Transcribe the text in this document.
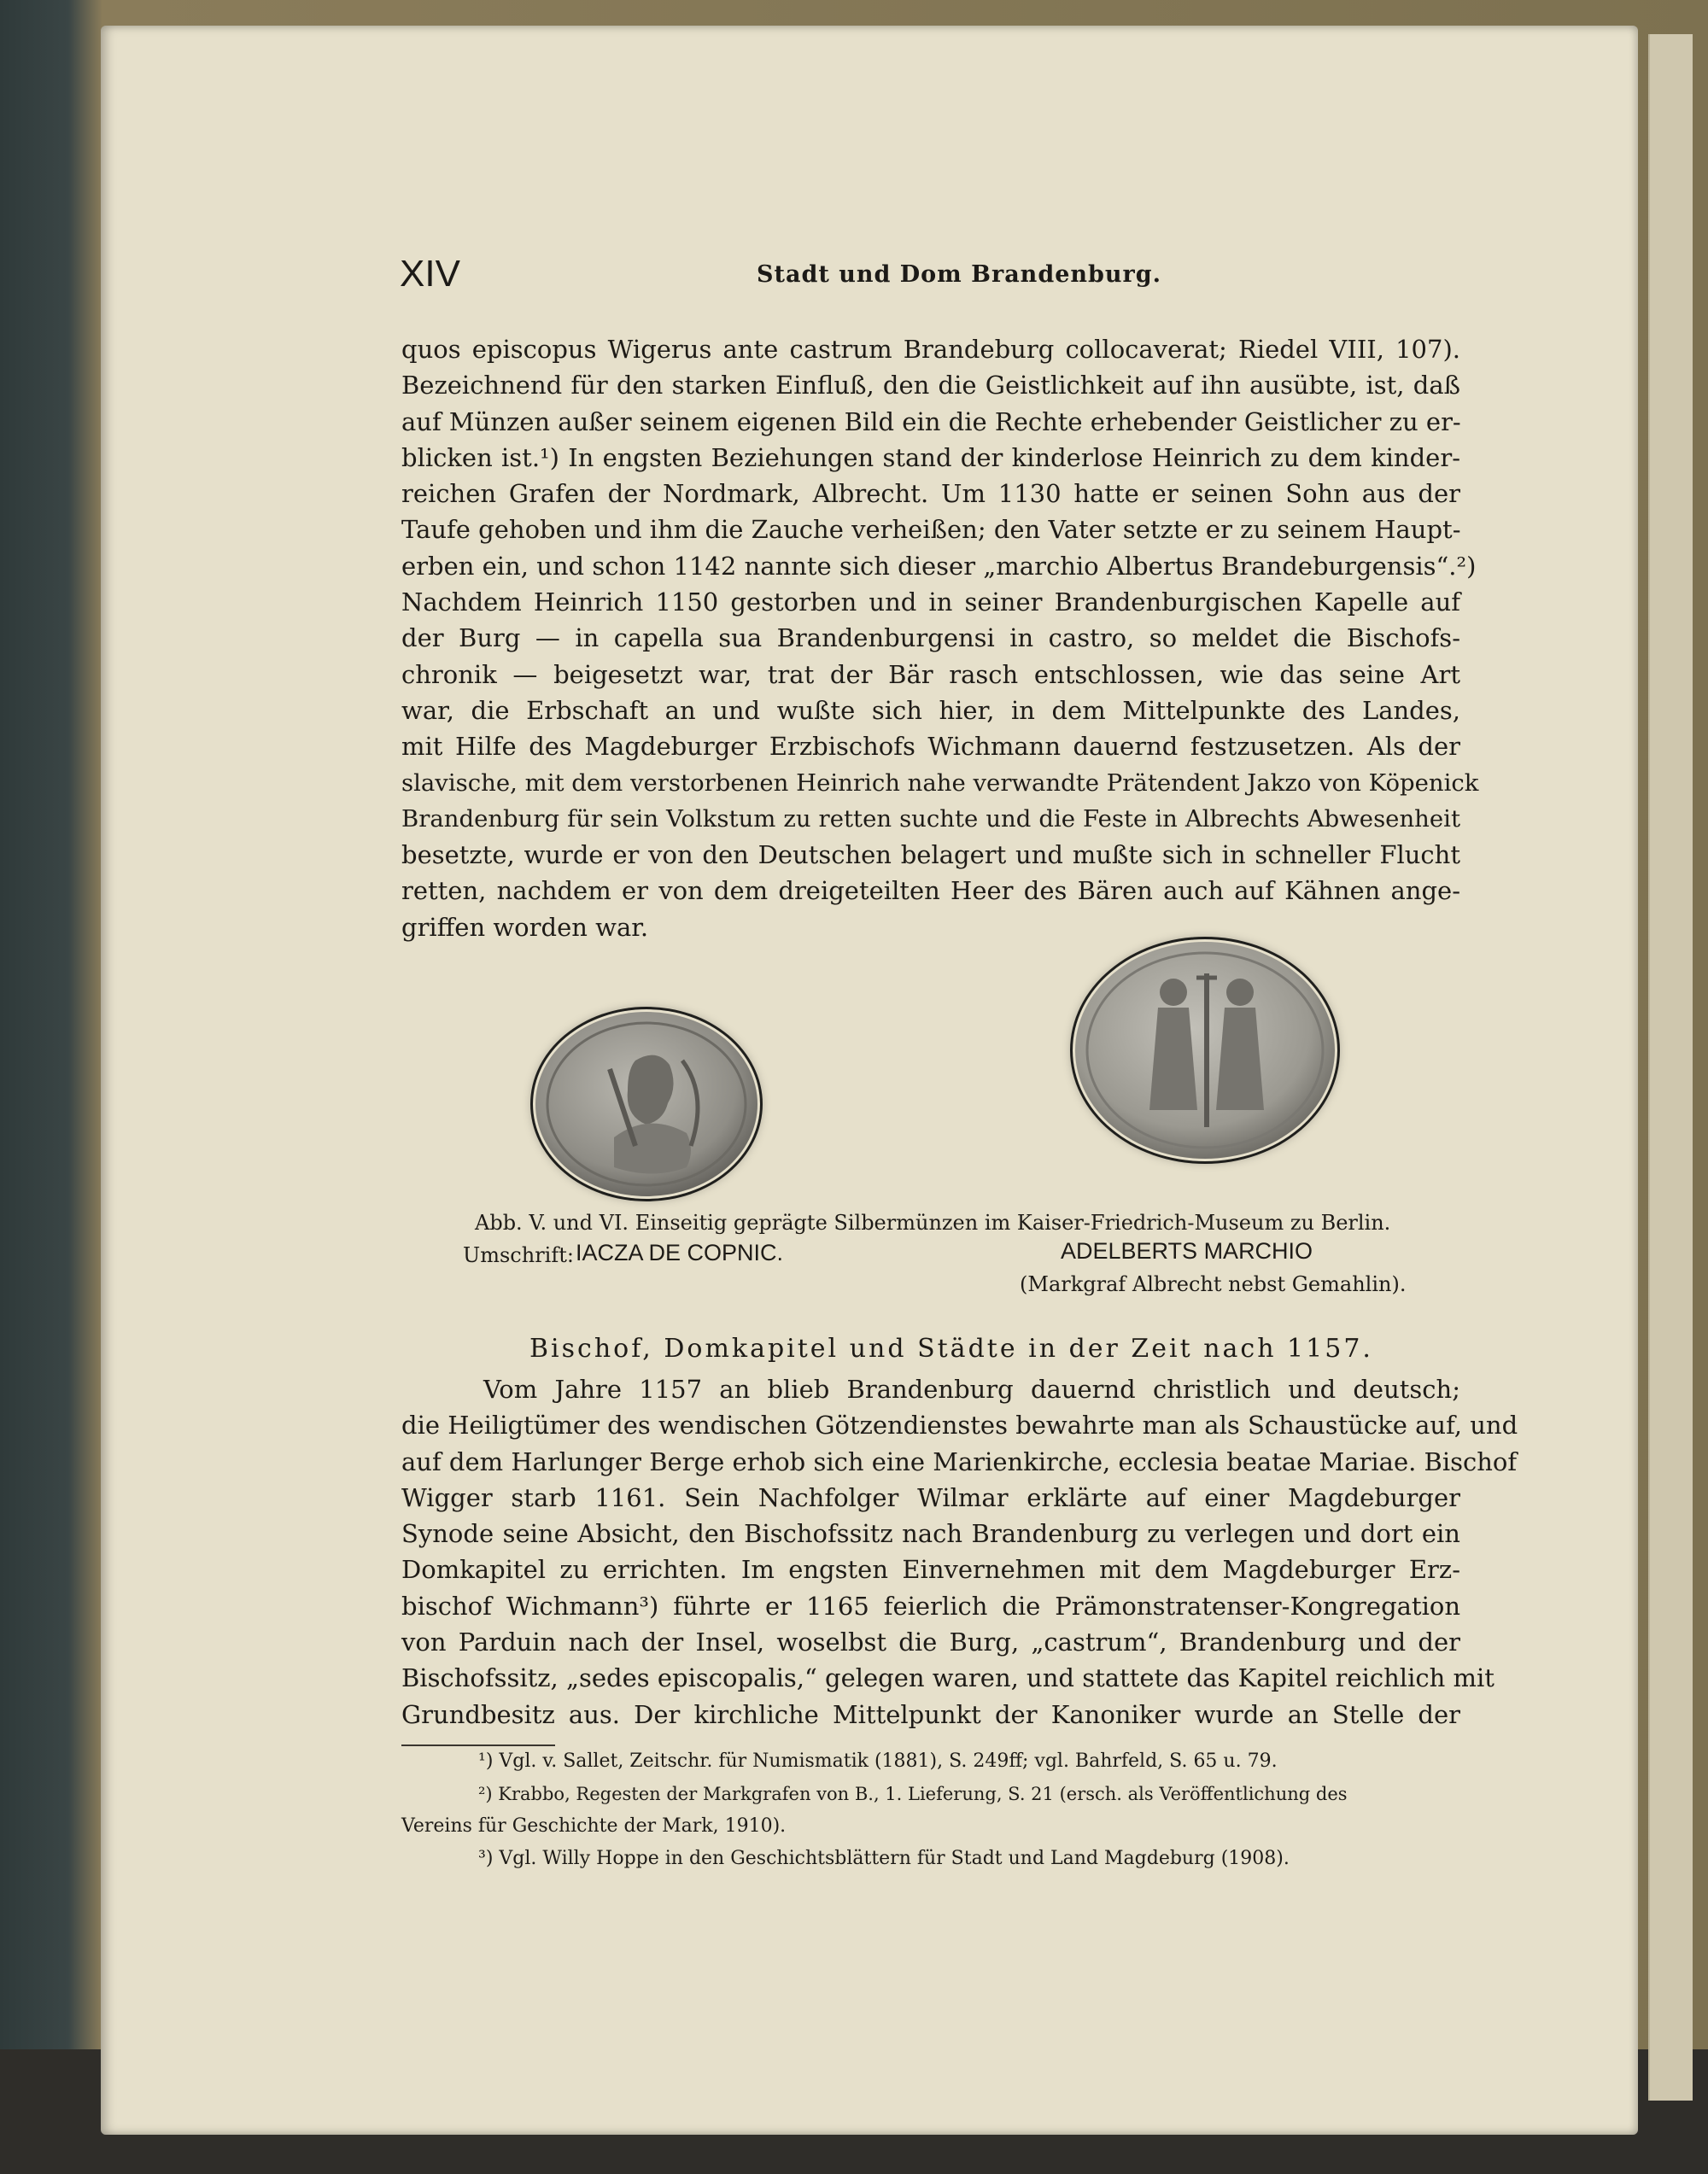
XIV	Stadt und Dom Brandenburg.
quos episcopus Wigerus ante castrum Brandeburg collocaverat; Riedel VIII, 107).
Bezeichnend für den starken Einfluß, den die Geistlichkeit auf ihn ausübte, ist, daß
auf Münzen außer seinem eigenen Bild ein die Rechte erhebender Geistlicher zu er-
blicken ist.¹) In engsten Beziehungen stand der kinderlose Heinrich zu dem kinder-
reichen Grafen der Nordmark, Albrecht. Um 1130 hatte er seinen Sohn aus der
Taufe gehoben und ihm die Zauche verheißen; den Vater setzte er zu seinem Haupt-
erben ein, und schon 1142 nannte sich dieser „marchio Albertus Brandeburgensis“.²)
Nachdem Heinrich 1150 gestorben und in seiner Brandenburgischen Kapelle auf
der Burg — in capella sua Brandenburgensi in castro, so meldet die Bischofs-
chronik — beigesetzt war, trat der Bär rasch entschlossen, wie das seine Art
war, die Erbschaft an und wußte sich hier, in dem Mittelpunkte des Landes,
mit Hilfe des Magdeburger Erzbischofs Wichmann dauernd festzusetzen. Als der
slavische, mit dem verstorbenen Heinrich nahe verwandte Prätendent Jakzo von Köpenick
Brandenburg für sein Volkstum zu retten suchte und die Feste in Albrechts Abwesenheit
besetzte, wurde er von den Deutschen belagert und mußte sich in schneller Flucht
retten, nachdem er von dem dreigeteilten Heer des Bären auch auf Kähnen ange-
griffen worden war.
Abb. V. und VI. Einseitig geprägte Silbermünzen im Kaiser-Friedrich-Museum zu Berlin.
Umschrift: IACZA DE COPNIC.	ADELBERTS MARCHIO
(Markgraf Albrecht nebst Gemahlin).
Bischof, Domkapitel und Städte in der Zeit nach 1157.
Vom Jahre 1157 an blieb Brandenburg dauernd christlich und deutsch;
die Heiligtümer des wendischen Götzendienstes bewahrte man als Schaustücke auf, und
auf dem Harlunger Berge erhob sich eine Marienkirche, ecclesia beatae Mariae. Bischof
Wigger starb 1161. Sein Nachfolger Wilmar erklärte auf einer Magdeburger
Synode seine Absicht, den Bischofssitz nach Brandenburg zu verlegen und dort ein
Domkapitel zu errichten. Im engsten Einvernehmen mit dem Magdeburger Erz-
bischof Wichmann³) führte er 1165 feierlich die Prämonstratenser-Kongregation
von Parduin nach der Insel, woselbst die Burg, „castrum“, Brandenburg und der
Bischofssitz, „sedes episcopalis,“ gelegen waren, und stattete das Kapitel reichlich mit
Grundbesitz aus. Der kirchliche Mittelpunkt der Kanoniker wurde an Stelle der
¹) Vgl. v. Sallet, Zeitschr. für Numismatik (1881), S. 249ff; vgl. Bahrfeld, S. 65 u. 79.
²) Krabbo, Regesten der Markgrafen von B., 1. Lieferung, S. 21 (ersch. als Veröffentlichung des
Vereins für Geschichte der Mark, 1910).
³) Vgl. Willy Hoppe in den Geschichtsblättern für Stadt und Land Magdeburg (1908).
